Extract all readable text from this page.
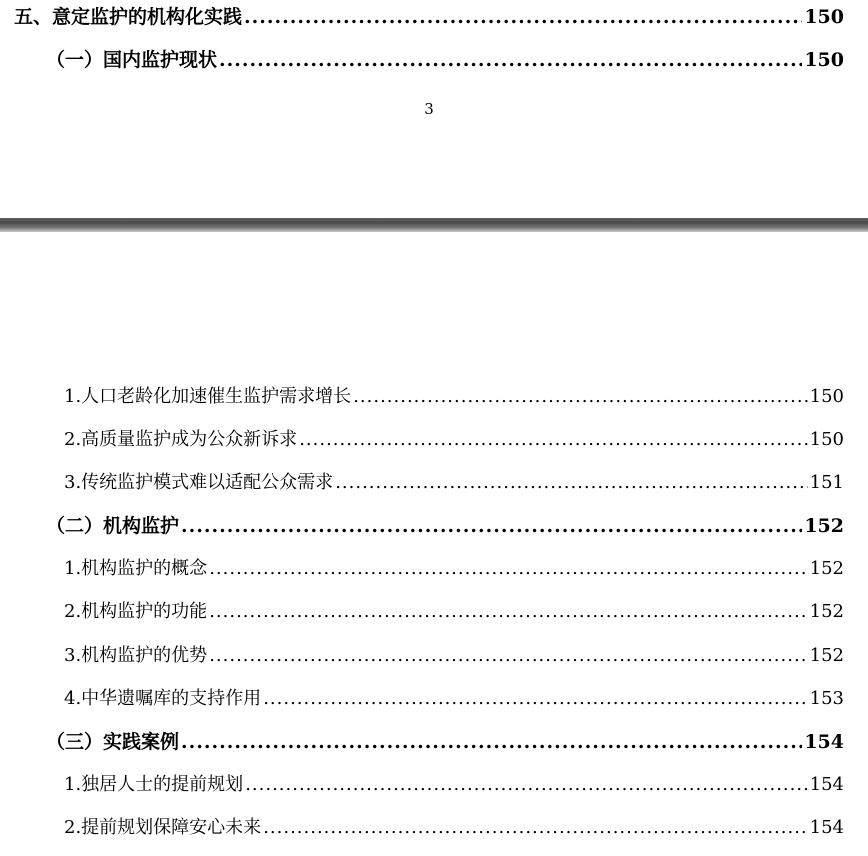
五、意定监护的机构化实践 .....	150
（一）国内监护现状 .....	150
3
1.人口老龄化加速催生监护需求增长 .....	150
2.高质量监护成为公众新诉求 .....	150
3.传统监护模式难以适配公众需求 .....	151
（二）机构监护 .....	152
1.机构监护的概念 .....	152
2.机构监护的功能 .....	152
3.机构监护的优势 .....	152
4.中华遗嘱库的支持作用 .....	153
（三）实践案例 .....	154
1.独居人士的提前规划 .....	154
2.提前规划保障安心未来 .....	154
